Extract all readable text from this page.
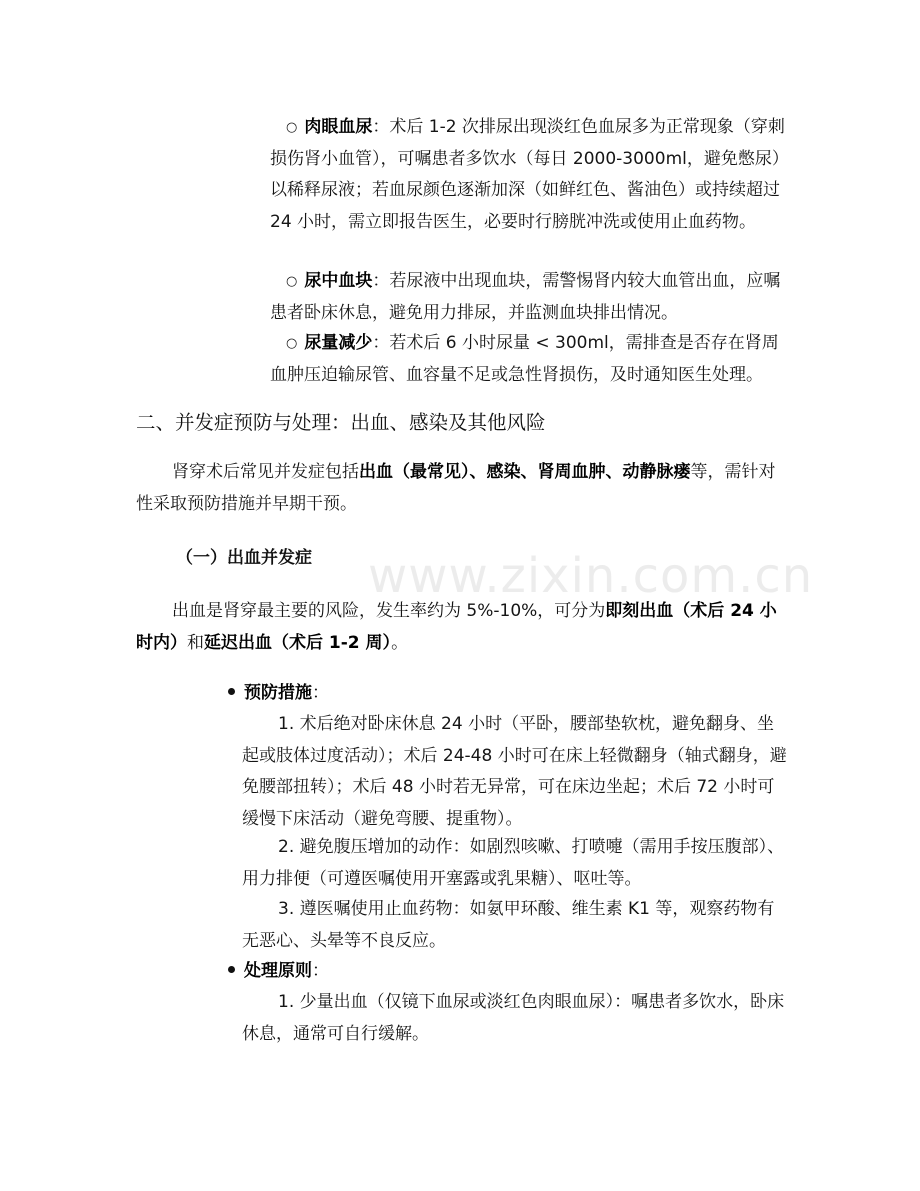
○ 肉眼血尿：术后 1-2 次排尿出现淡红色血尿多为正常现象（穿刺损伤肾小血管），可嘱患者多饮水（每日 2000-3000ml，避免憋尿）以稀释尿液；若血尿颜色逐渐加深（如鲜红色、酱油色）或持续超过 24 小时，需立即报告医生，必要时行膀胱冲洗或使用止血药物。
○ 尿中血块：若尿液中出现血块，需警惕肾内较大血管出血，应嘱患者卧床休息，避免用力排尿，并监测血块排出情况。
○ 尿量减少：若术后 6 小时尿量 < 300ml，需排查是否存在肾周血肿压迫输尿管、血容量不足或急性肾损伤，及时通知医生处理。
二、并发症预防与处理：出血、感染及其他风险
肾穿术后常见并发症包括出血（最常见）、感染、肾周血肿、动静脉瘘等，需针对性采取预防措施并早期干预。
（一）出血并发症
出血是肾穿最主要的风险，发生率约为 5%-10%，可分为即刻出血（术后 24 小时内）和延迟出血（术后 1-2 周）。
预防措施：
1. 术后绝对卧床休息 24 小时（平卧，腰部垫软枕，避免翻身、坐起或肢体过度活动）；术后 24-48 小时可在床上轻微翻身（轴式翻身，避免腰部扭转）；术后 48 小时若无异常，可在床边坐起；术后 72 小时可缓慢下床活动（避免弯腰、提重物）。
2. 避免腹压增加的动作：如剧烈咳嗽、打喷嚏（需用手按压腹部）、用力排便（可遵医嘱使用开塞露或乳果糖）、呕吐等。
3. 遵医嘱使用止血药物：如氨甲环酸、维生素 K1 等，观察药物有无恶心、头晕等不良反应。
处理原则：
1. 少量出血（仅镜下血尿或淡红色肉眼血尿）：嘱患者多饮水，卧床休息，通常可自行缓解。
www.zixin.com.cn
